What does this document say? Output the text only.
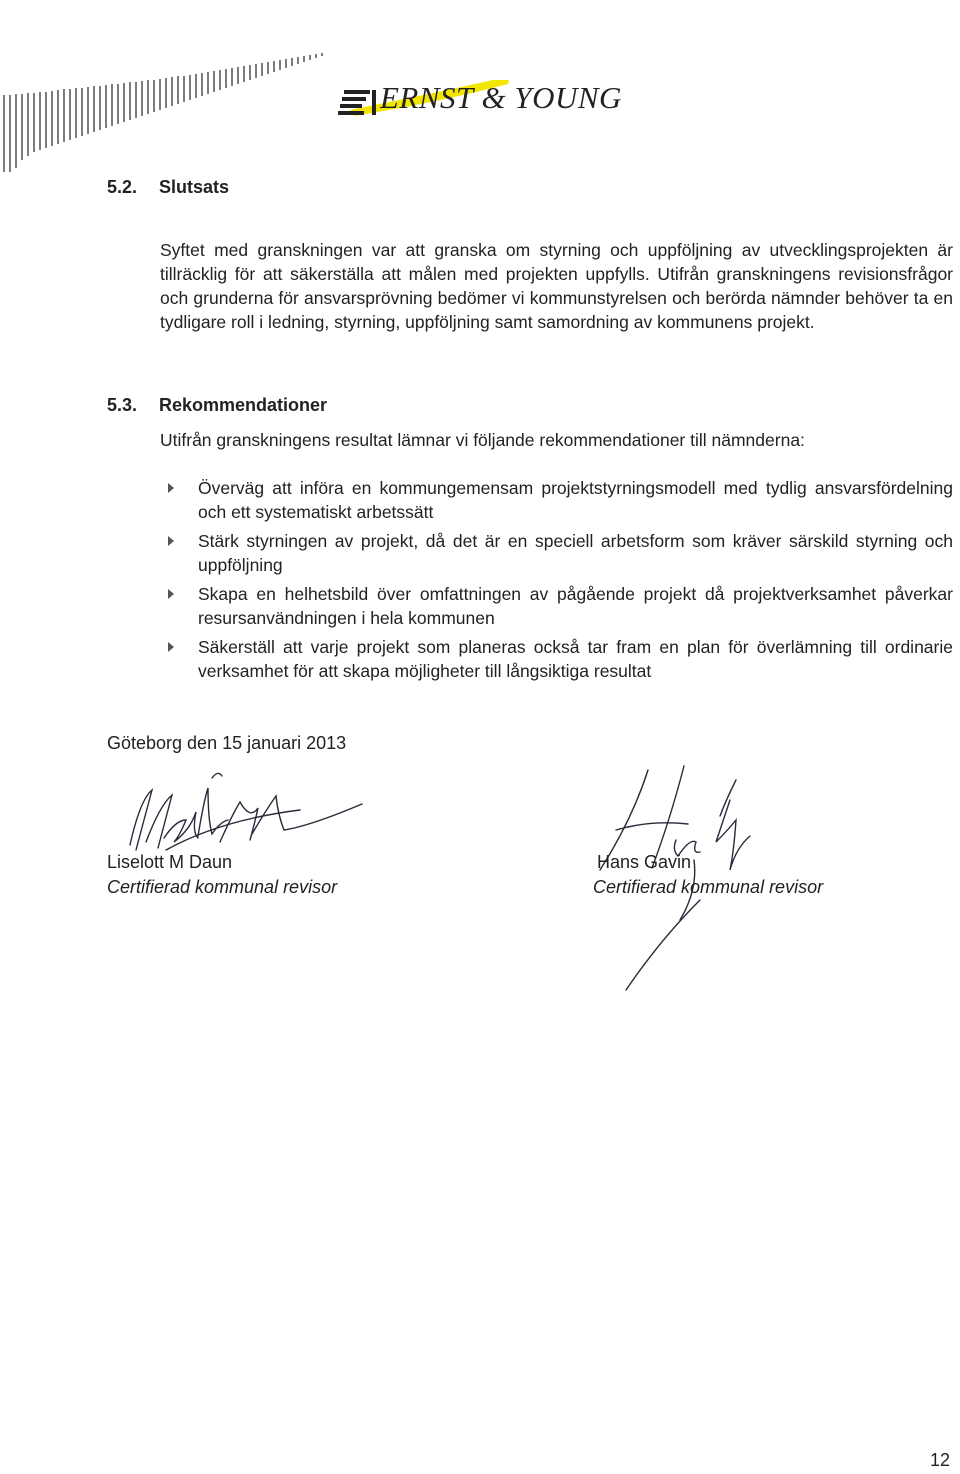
ERNST & YOUNG
5.2. Slutsats

Syftet med granskningen var att granska om styrning och uppföljning av utvecklingsprojekten är tillräcklig för att säkerställa att målen med projekten uppfylls. Utifrån granskningens revisionsfrågor och grunderna för ansvarsprövning bedömer vi kommunstyrelsen och berörda nämnder behöver ta en tydligare roll i ledning, styrning, uppföljning samt samordning av kommunens projekt.

5.3. Rekommendationer

Utifrån granskningens resultat lämnar vi följande rekommendationer till nämnderna:

Överväg att införa en kommungemensam projektstyrningsmodell med tydlig ansvarsfördelning och ett systematiskt arbetssätt
Stärk styrningen av projekt, då det är en speciell arbetsform som kräver särskild styrning och uppföljning
Skapa en helhetsbild över omfattningen av pågående projekt då projektverksamhet påverkar resursanvändningen i hela kommunen
Säkerställ att varje projekt som planeras också tar fram en plan för överlämning till ordinarie verksamhet för att skapa möjligheter till långsiktiga resultat
Göteborg den 15 januari 2013
Liselott M Daun
Certifierad kommunal revisor
Hans Gavin
Certifierad kommunal revisor
12
